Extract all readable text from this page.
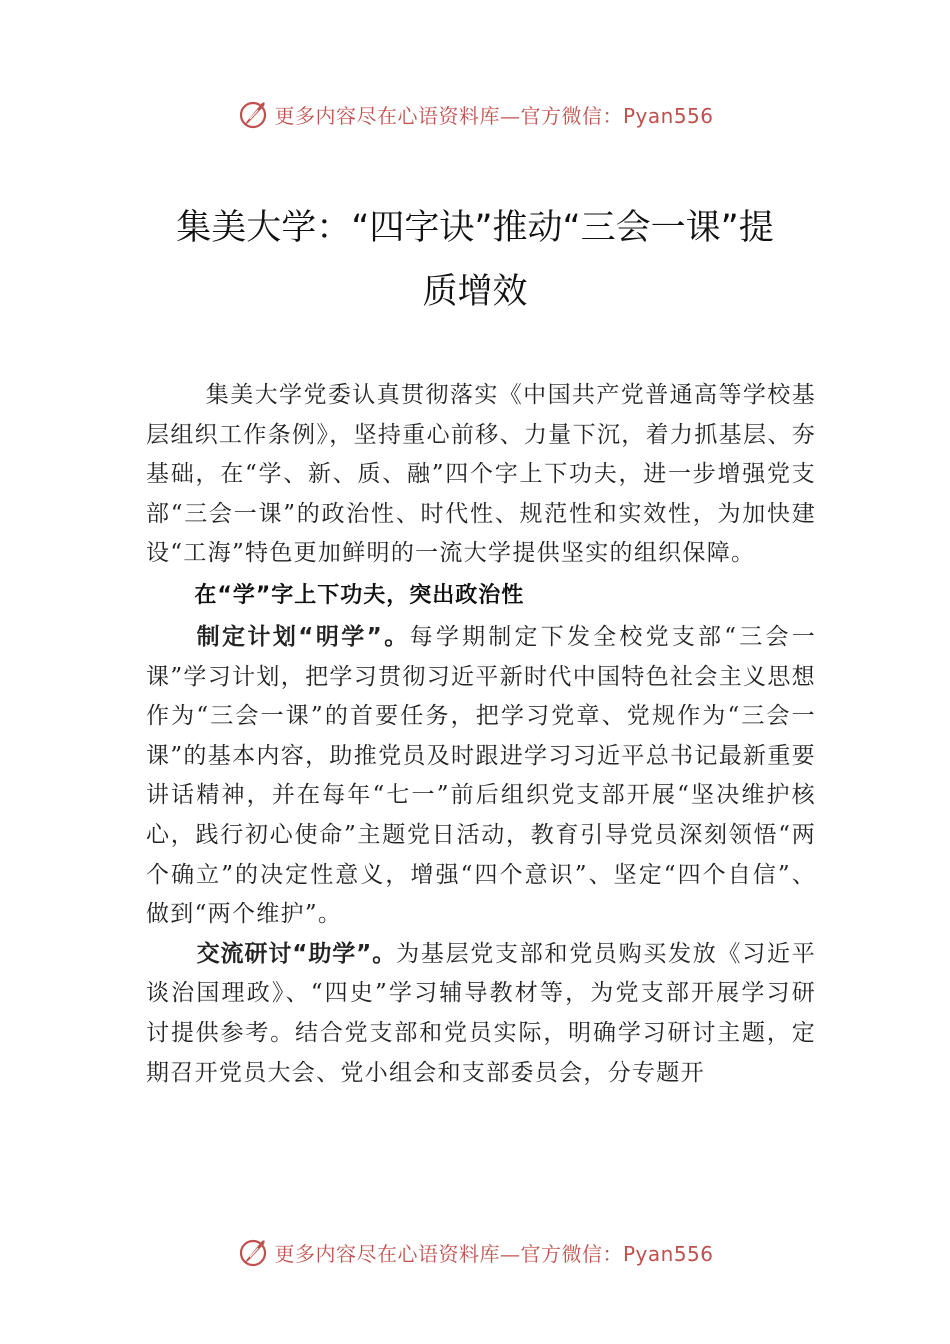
更多内容尽在心语资料库—官方微信：Pyan556
集美大学：“四字诀”推动“三会一课”提
质增效

集美大学党委认真贯彻落实《中国共产党普通高等学校基层组织工作条例》，坚持重心前移、力量下沉，着力抓基层、夯基础，在“学、新、质、融”四个字上下功夫，进一步增强党支部“三会一课”的政治性、时代性、规范性和实效性，为加快建设“工海”特色更加鲜明的一流大学提供坚实的组织保障。

在“学”字上下功夫，突出政治性

制定计划“明学”。每学期制定下发全校党支部“三会一课”学习计划，把学习贯彻习近平新时代中国特色社会主义思想作为“三会一课”的首要任务，把学习党章、党规作为“三会一课”的基本内容，助推党员及时跟进学习习近平总书记最新重要讲话精神，并在每年“七一”前后组织党支部开展“坚决维护核心，践行初心使命”主题党日活动，教育引导党员深刻领悟“两个确立”的决定性意义，增强“四个意识”、坚定“四个自信”、做到“两个维护”。

交流研讨“助学”。为基层党支部和党员购买发放《习近平谈治国理政》、“四史”学习辅导教材等，为党支部开展学习研讨提供参考。结合党支部和党员实际，明确学习研讨主题，定期召开党员大会、党小组会和支部委员会，分专题开

更多内容尽在心语资料库—官方微信：Pyan556
